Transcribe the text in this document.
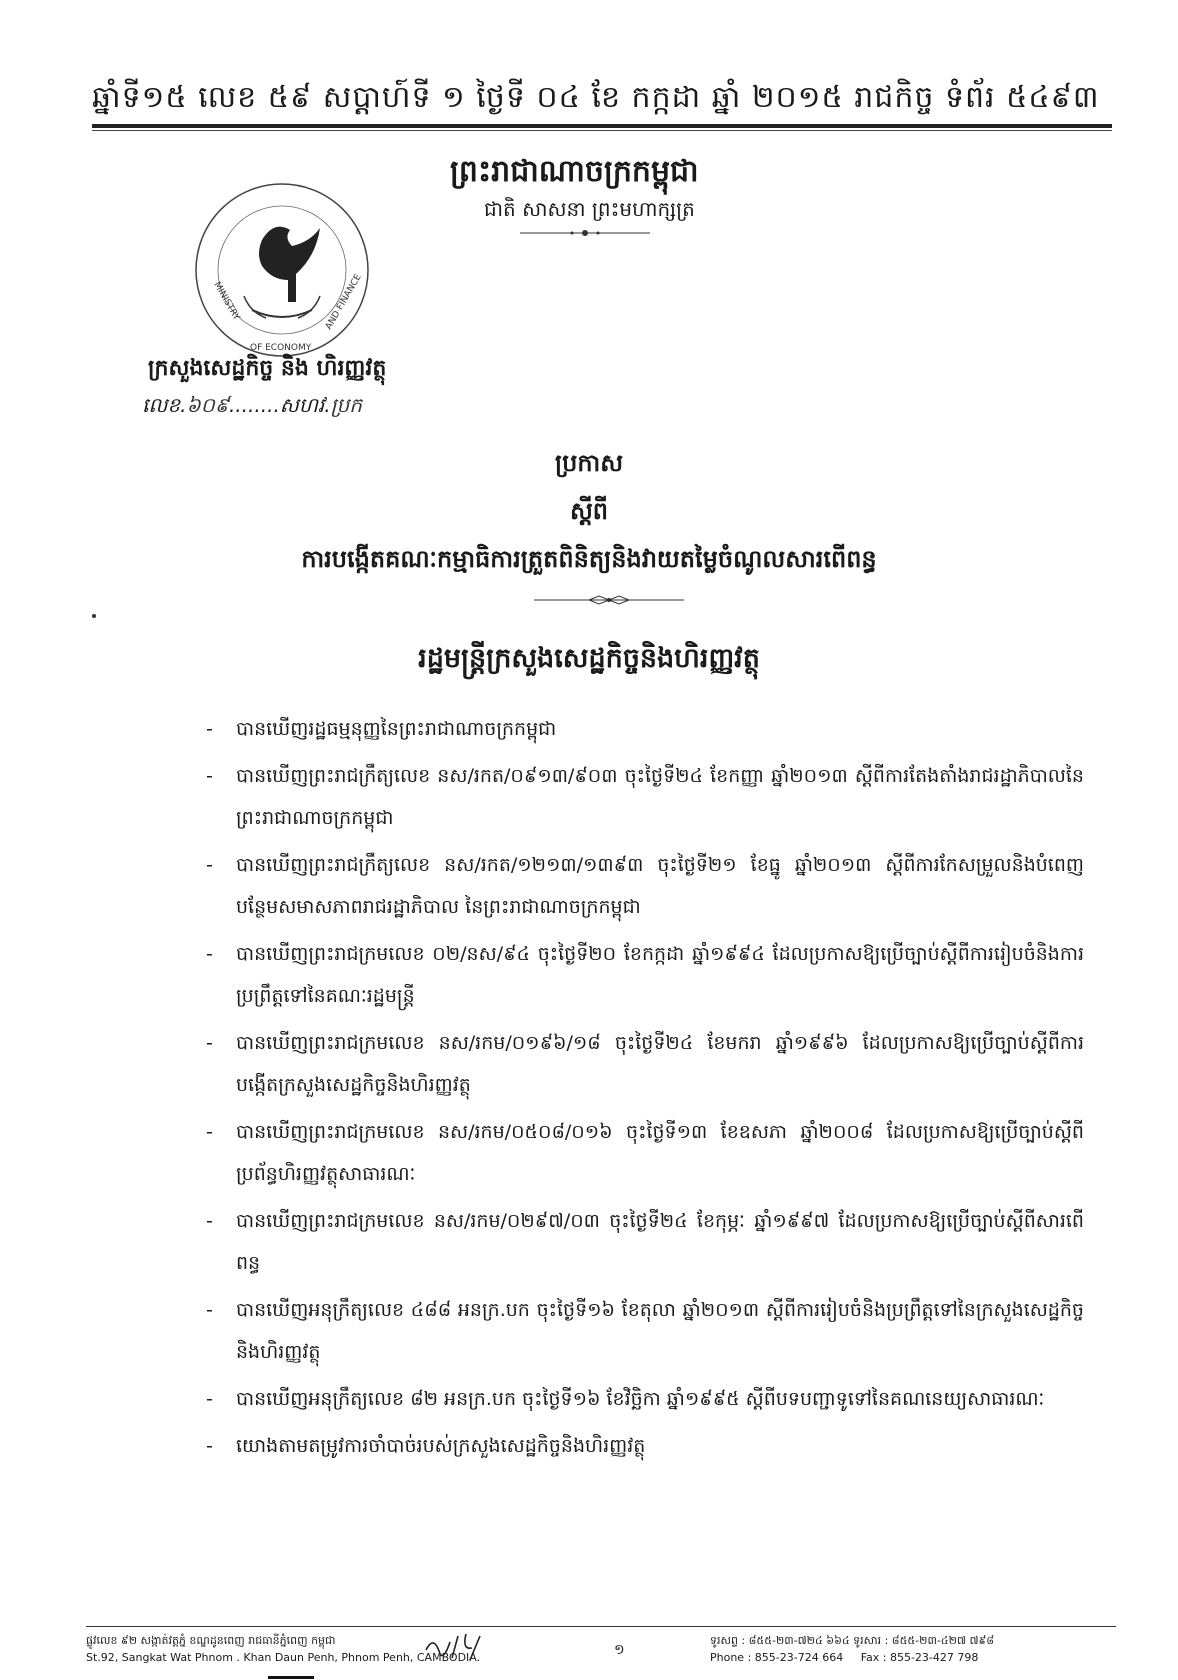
ឆ្នាំទី១៥ លេខ ៥៩ សប្តាហ៍ទី ១ ថ្ងៃទី ០៤ ខែ កក្កដា ឆ្នាំ ២០១៥ រាជកិច្ច ទំព័រ ៥៤៩៣
ព្រះរាជាណាចក្រកម្ពុជា
ជាតិ សាសនា ព្រះមហាក្សត្រ
MINISTRY
OF ECONOMY
AND FINANCE
ក្រសួងសេដ្ឋកិច្ច និង ហិរញ្ញវត្ថុ
លេខ.៦០៩........សហវ.ប្រក
ប្រកាស
ស្តីពី
ការបង្កើតគណៈកម្មាធិការត្រួតពិនិត្យនិងវាយតម្លៃចំណូលសារពើពន្ធ
រដ្ឋមន្ត្រីក្រសួងសេដ្ឋកិច្ចនិងហិរញ្ញវត្ថុ
- បានឃើញរដ្ឋធម្មនុញ្ញនៃព្រះរាជាណាចក្រកម្ពុជា
- បានឃើញព្រះរាជក្រឹត្យលេខ នស/រកត/០៩១៣/៩០៣ ចុះថ្ងៃទី២៤ ខែកញ្ញា ឆ្នាំ២០១៣ ស្តីពីការតែងតាំងរាជរដ្ឋាភិបាលនៃព្រះរាជាណាចក្រកម្ពុជា
- បានឃើញព្រះរាជក្រឹត្យលេខ នស/រកត/១២១៣/១៣៩៣ ចុះថ្ងៃទី២១ ខែធ្នូ ឆ្នាំ២០១៣ ស្តីពីការកែសម្រួលនិងបំពេញបន្ថែមសមាសភាពរាជរដ្ឋាភិបាល នៃព្រះរាជាណាចក្រកម្ពុជា
- បានឃើញព្រះរាជក្រមលេខ ០២/នស/៩៤ ចុះថ្ងៃទី២០ ខែកក្កដា ឆ្នាំ១៩៩៤ ដែលប្រកាសឱ្យប្រើច្បាប់ស្តីពីការរៀបចំនិងការប្រព្រឹត្តទៅនៃគណៈរដ្ឋមន្ត្រី
- បានឃើញព្រះរាជក្រមលេខ នស/រកម/០១៩៦/១៨ ចុះថ្ងៃទី២៤ ខែមករា ឆ្នាំ១៩៩៦ ដែលប្រកាសឱ្យប្រើច្បាប់ស្តីពីការបង្កើតក្រសួងសេដ្ឋកិច្ចនិងហិរញ្ញវត្ថុ
- បានឃើញព្រះរាជក្រមលេខ នស/រកម/០៥០៨/០១៦ ចុះថ្ងៃទី១៣ ខែឧសភា ឆ្នាំ២០០៨ ដែលប្រកាសឱ្យប្រើច្បាប់ស្តីពីប្រព័ន្ធហិរញ្ញវត្ថុសាធារណៈ
- បានឃើញព្រះរាជក្រមលេខ នស/រកម/០២៩៧/០៣ ចុះថ្ងៃទី២៤ ខែកុម្ភៈ ឆ្នាំ១៩៩៧ ដែលប្រកាសឱ្យប្រើច្បាប់ស្តីពីសារពើពន្ធ
- បានឃើញអនុក្រឹត្យលេខ ៤៨៨ អនក្រ.បក ចុះថ្ងៃទី១៦ ខែតុលា ឆ្នាំ២០១៣ ស្តីពីការរៀបចំនិងប្រព្រឹត្តទៅនៃក្រសួងសេដ្ឋកិច្ចនិងហិរញ្ញវត្ថុ
- បានឃើញអនុក្រឹត្យលេខ ៨២ អនក្រ.បក ចុះថ្ងៃទី១៦ ខែវិច្ឆិកា ឆ្នាំ១៩៩៥ ស្តីពីបទបញ្ជាទូទៅនៃគណនេយ្យសាធារណៈ
- យោងតាមតម្រូវការចាំបាច់របស់ក្រសួងសេដ្ឋកិច្ចនិងហិរញ្ញវត្ថុ
ផ្លូវលេខ ៩២ សង្កាត់វត្តភ្នំ ខណ្ឌដូនពេញ រាជធានីភ្នំពេញ កម្ពុជា
St.92, Sangkat Wat Phnom . Khan Daun Penh, Phnom Penh, CAMBODIA.	១
ទូរសព្ទ : ៨៥៥-២៣-៧២៤ ៦៦៤ ទូរសារ : ៨៥៥-២៣-៤២៧ ៧៩៨
Phone : 855-23-724 664 Fax : 855-23-427 798
